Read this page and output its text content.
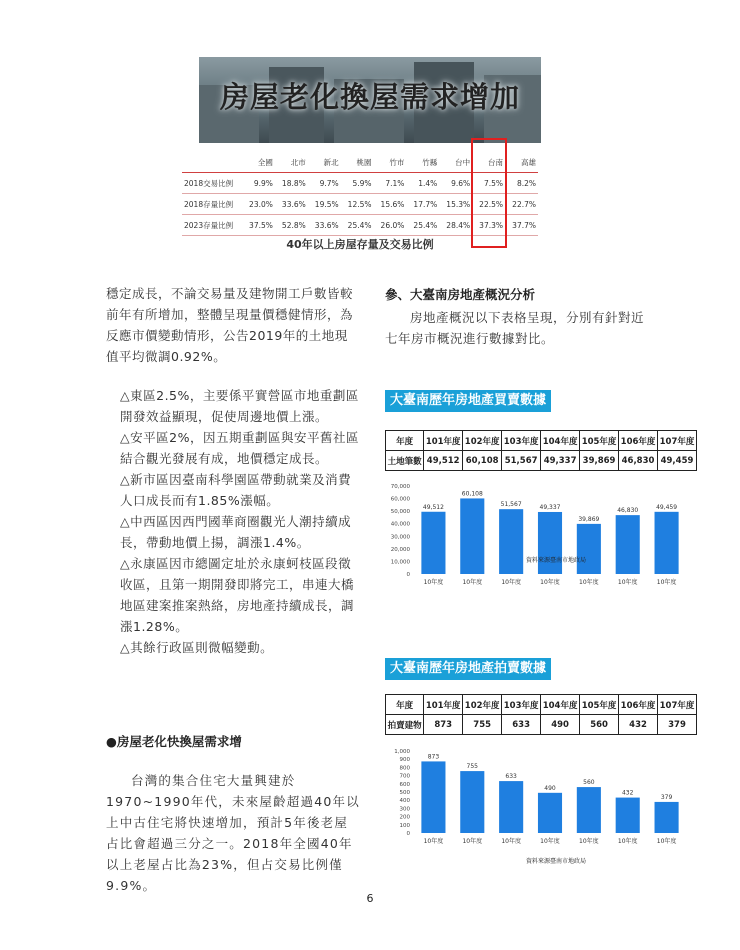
房屋老化換屋需求增加
	全國	北市	新北	桃園	竹市	竹縣	台中	台南	高雄
2018交易比例	9.9%	18.8%	9.7%	5.9%	7.1%	1.4%	9.6%	7.5%	8.2%
2018存量比例	23.0%	33.6%	19.5%	12.5%	15.6%	17.7%	15.3%	22.5%	22.7%
2023存量比例	37.5%	52.8%	33.6%	25.4%	26.0%	25.4%	28.4%	37.3%	37.7%
40年以上房屋存量及交易比例
穩定成長，不論交易量及建物開工戶數皆較前年有所增加，整體呈現量價穩健情形，為反應市價變動情形，公告2019年的土地現值平均微調0.92%。
△東區2.5%，主要係平實營區市地重劃區開發效益顯現，促使周邊地價上漲。
△安平區2%，因五期重劃區與安平舊社區結合觀光發展有成，地價穩定成長。
△新市區因臺南科學園區帶動就業及消費人口成長而有1.85%漲幅。
△中西區因西門國華商圈觀光人潮持續成長，帶動地價上揚，調漲1.4%。
△永康區因市總圖定址於永康蚵枝區段徵收區，且第一期開發即將完工，串連大橋地區建案推案熱絡，房地產持續成長，調漲1.28%。
△其餘行政區則微幅變動。
●房屋老化快換屋需求增
台灣的集合住宅大量興建於1970~1990年代，未來屋齡超過40年以上中古住宅將快速增加，預計5年後老屋占比會超過三分之一。2018年全國40年以上老屋占比為23%，但占交易比例僅9.9%。
參、大臺南房地產概況分析
房地產概況以下表格呈現，分別有針對近七年房市概況進行數據對比。
大臺南歷年房地產買賣數據
年度	101年度	102年度	103年度	104年度	105年度	106年度	107年度
土地筆數	49,512	60,108	51,567	49,337	39,869	46,830	49,459
70,000
60,000
50,000
40,000
30,000
20,000
10,000
0
49,512
10年度
60,108
10年度
51,567
10年度
49,337
10年度
39,869
10年度
46,830
10年度
49,459
10年度
資料來源臺南市地政局
大臺南歷年房地產拍賣數據
年度	101年度	102年度	103年度	104年度	105年度	106年度	107年度
拍賣建物	873	755	633	490	560	432	379
1,000
900
800
700
600
500
400
300
200
100
0
873
10年度
755
10年度
633
10年度
490
10年度
560
10年度
432
10年度
379
10年度
資料來源臺南市地政局
6
